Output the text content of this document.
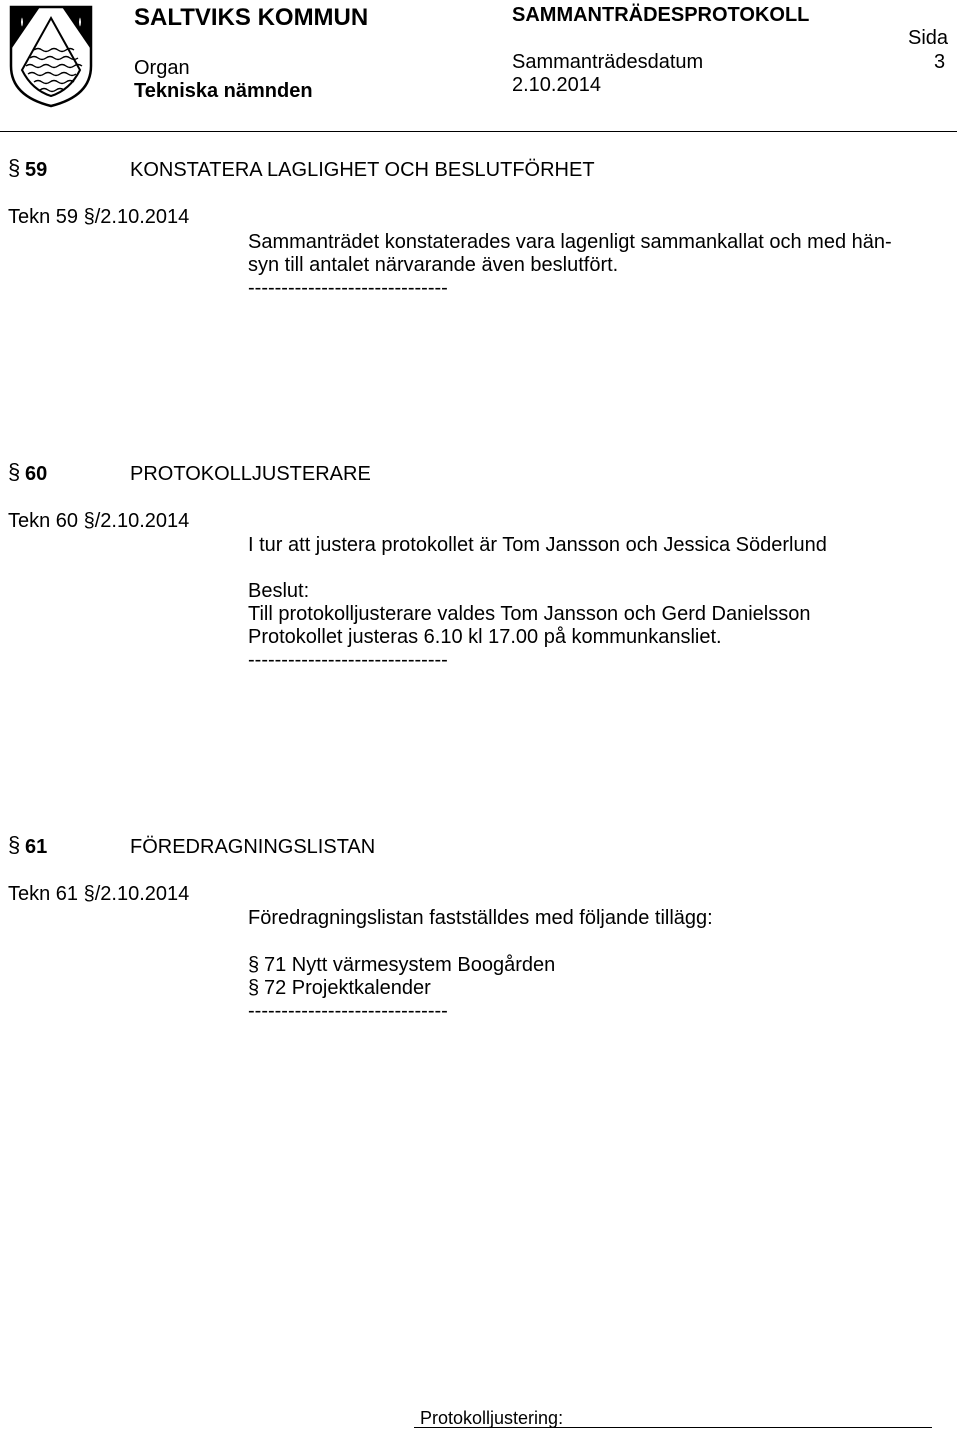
SALTVIKS KOMMUN	SAMMANTRÄDESPROTOKOLL
Sida
3
Organ
Tekniska nämnden
Sammanträdesdatum
2.10.2014
§ 59	KONSTATERA LAGLIGHET OCH BESLUTFÖRHET
Tekn 59 §/2.10.2014
Sammanträdet konstaterades vara lagenligt sammankallat och med hän-
syn till antalet närvarande även beslutfört.
------------------------------
§ 60	PROTOKOLLJUSTERARE
Tekn 60 §/2.10.2014
I tur att justera protokollet är Tom Jansson och Jessica Söderlund
Beslut:
Till protokolljusterare valdes Tom Jansson och Gerd Danielsson
Protokollet justeras 6.10 kl 17.00 på kommunkansliet.
------------------------------
§ 61	FÖREDRAGNINGSLISTAN
Tekn 61 §/2.10.2014
Föredragningslistan fastställdes med följande tillägg:
§ 71 Nytt värmesystem Boogården
§ 72 Projektkalender
------------------------------
Protokolljustering:
